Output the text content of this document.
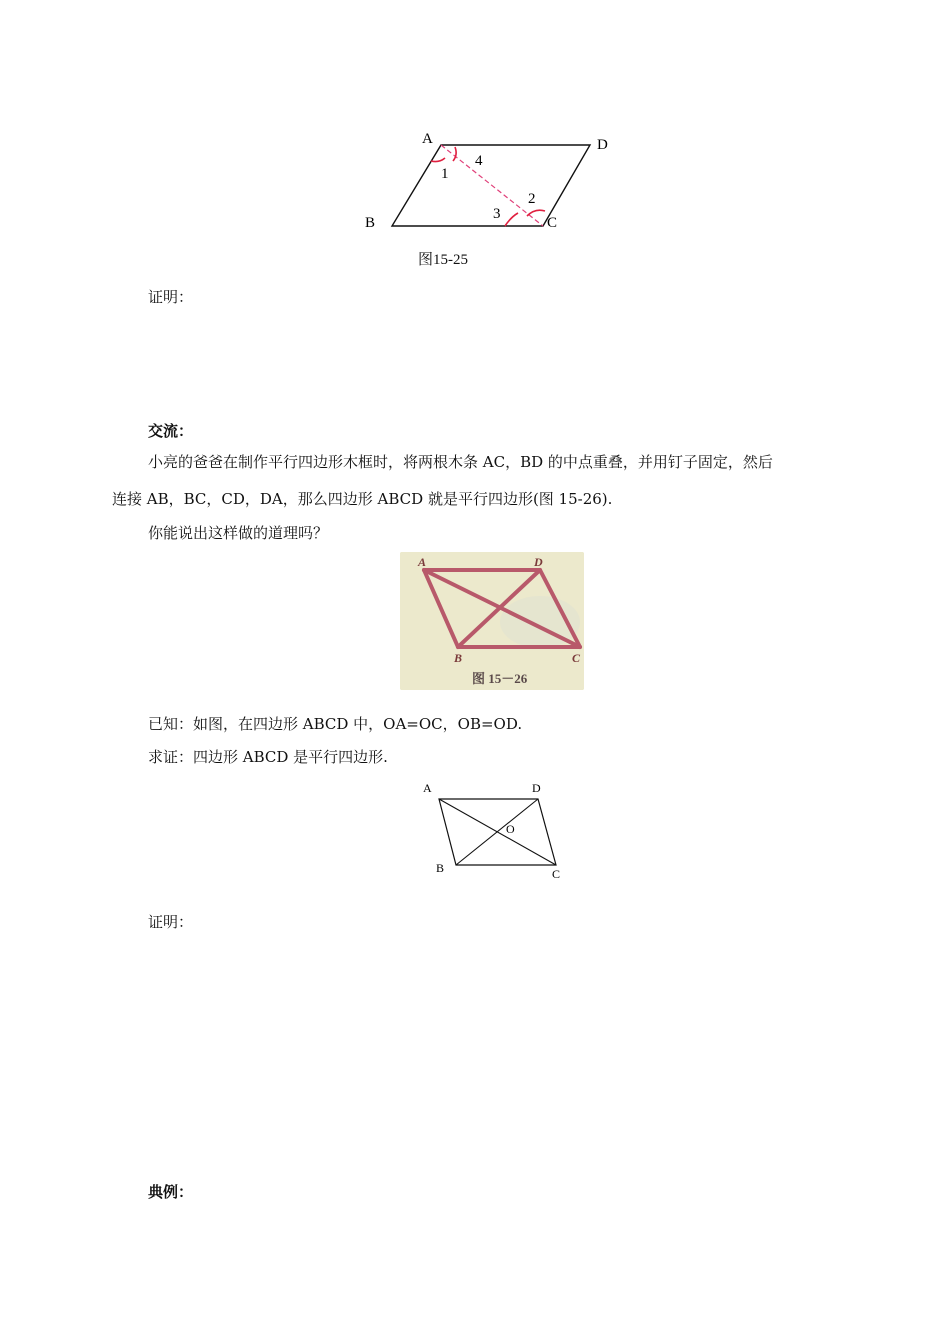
A	D
B	C
1
4
2
3
图15-25
证明：
交流：
小亮的爸爸在制作平行四边形木框时，将两根木条 AC，BD 的中点重叠，并用钉子固定，然后
连接 AB，BC，CD，DA，那么四边形 ABCD 就是平行四边形(图 15-26).
你能说出这样做的道理吗？
A	D
B	C
图 15－26
已知：如图，在四边形 ABCD 中，OA=OC，OB=OD.
求证：四边形 ABCD 是平行四边形.
A	D
B	C
O
证明：
典例：
